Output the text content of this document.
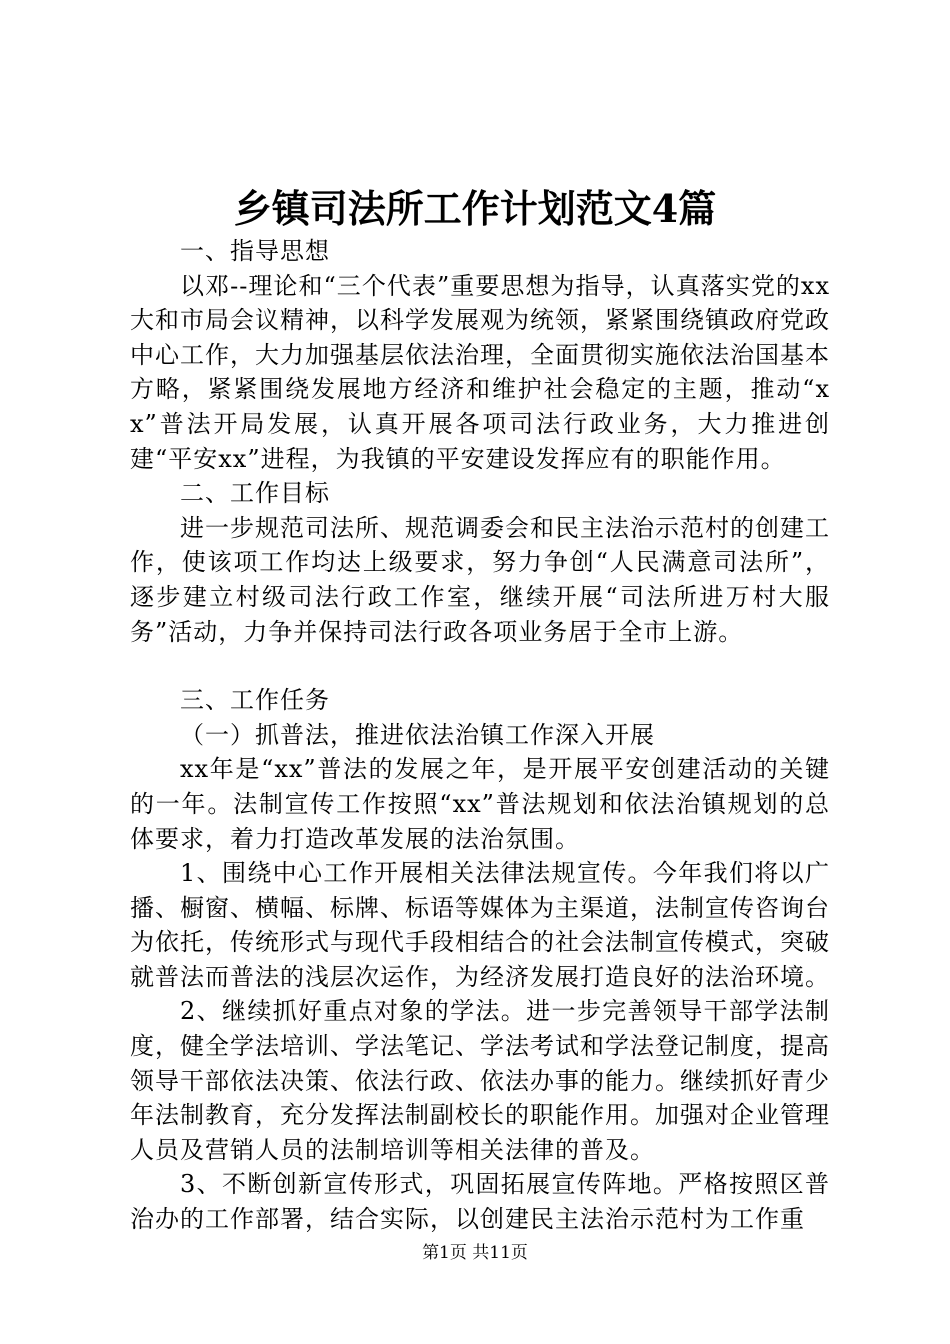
乡镇司法所工作计划范文4篇

一、指导思想

以邓--理论和“三个代表”重要思想为指导，认真落实党的xx大和市局会议精神，以科学发展观为统领，紧紧围绕镇政府党政中心工作，大力加强基层依法治理，全面贯彻实施依法治国基本方略，紧紧围绕发展地方经济和维护社会稳定的主题，推动“xx”普法开局发展，认真开展各项司法行政业务，大力推进创建“平安xx”进程，为我镇的平安建设发挥应有的职能作用。

二、工作目标

进一步规范司法所、规范调委会和民主法治示范村的创建工作，使该项工作均达上级要求，努力争创“人民满意司法所”，逐步建立村级司法行政工作室，继续开展“司法所进万村大服务”活动，力争并保持司法行政各项业务居于全市上游。

三、工作任务

（一）抓普法，推进依法治镇工作深入开展

xx年是“xx”普法的发展之年，是开展平安创建活动的关键的一年。法制宣传工作按照“xx”普法规划和依法治镇规划的总体要求，着力打造改革发展的法治氛围。

1、围绕中心工作开展相关法律法规宣传。今年我们将以广播、橱窗、横幅、标牌、标语等媒体为主渠道，法制宣传咨询台为依托，传统形式与现代手段相结合的社会法制宣传模式，突破就普法而普法的浅层次运作，为经济发展打造良好的法治环境。

2、继续抓好重点对象的学法。进一步完善领导干部学法制度，健全学法培训、学法笔记、学法考试和学法登记制度，提高领导干部依法决策、依法行政、依法办事的能力。继续抓好青少年法制教育，充分发挥法制副校长的职能作用。加强对企业管理人员及营销人员的法制培训等相关法律的普及。

3、不断创新宣传形式，巩固拓展宣传阵地。严格按照区普治办的工作部署，结合实际，以创建民主法治示范村为工作重

第1页 共11页
